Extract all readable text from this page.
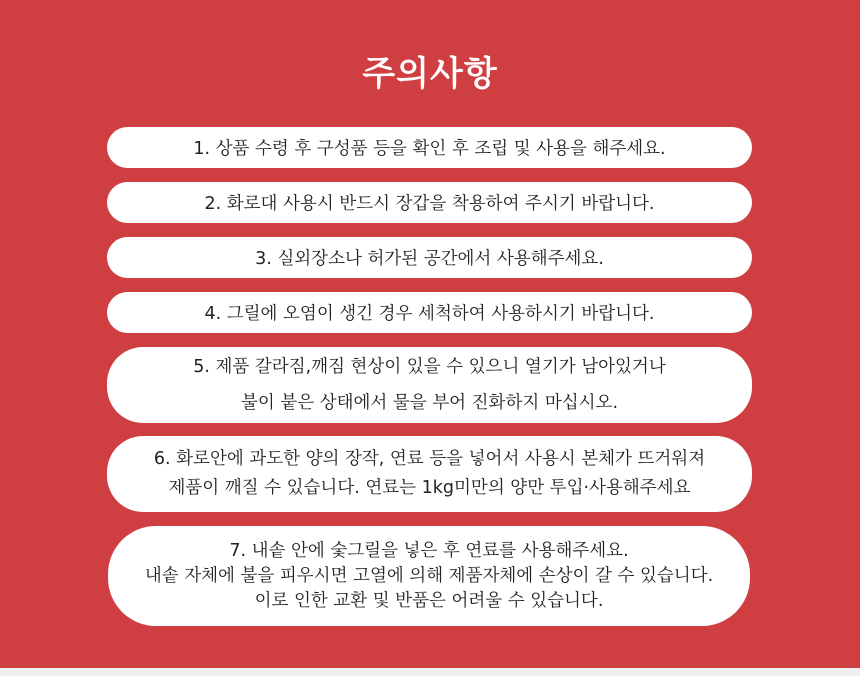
주의사항
1. 상품 수령 후 구성품 등을 확인 후 조립 및 사용을 해주세요.
2. 화로대 사용시 반드시 장갑을 착용하여 주시기 바랍니다.
3. 실외장소나 허가된 공간에서 사용해주세요.
4. 그릴에 오염이 생긴 경우 세척하여 사용하시기 바랍니다.
5. 제품 갈라짐,깨짐 현상이 있을 수 있으니 열기가 남아있거나
불이 붙은 상태에서 물을 부어 진화하지 마십시오.
6. 화로안에 과도한 양의 장작, 연료 등을 넣어서 사용시 본체가 뜨거워져
제품이 깨질 수 있습니다. 연료는 1kg미만의 양만 투입·사용해주세요
7. 내솥 안에 숯그릴을 넣은 후 연료를 사용해주세요.
내솥 자체에 불을 피우시면 고열에 의해 제품자체에 손상이 갈 수 있습니다.
이로 인한 교환 및 반품은 어려울 수 있습니다.
